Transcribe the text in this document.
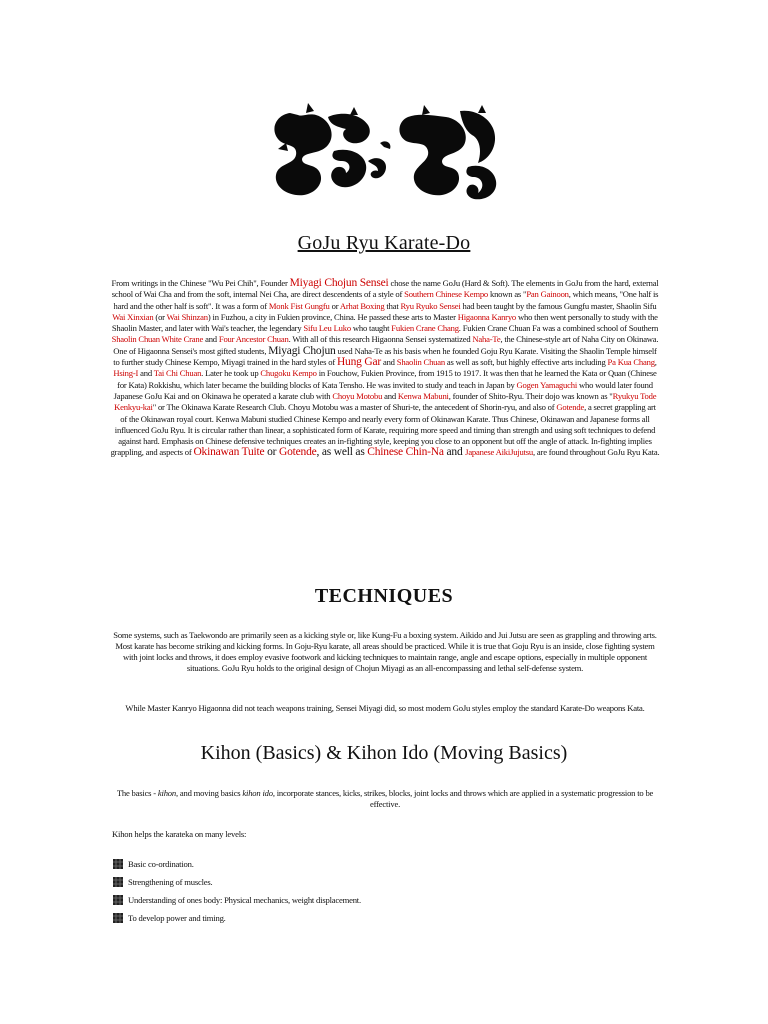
GoJu Ryu Karate-Do
From writings in the Chinese "Wu Pei Chih", Founder Miyagi Chojun Sensei chose the name GoJu (Hard & Soft). The elements in GoJu from the hard, external school of Wai Cha and from the soft, internal Nei Cha, are direct descendents of a style of Southern Chinese Kempo known as "Pan Gainoon, which means, "One half is hard and the other half is soft". It was a form of Monk Fist Gungfu or Arhat Boxing that Ryu Ryuko Sensei had been taught by the famous Gungfu master, Shaolin Sifu Wai Xinxian (or Wai Shinzan) in Fuzhou, a city in Fukien province, China. He passed these arts to Master Higaonna Kanryo who then went personally to study with the Shaolin Master, and later with Wai's teacher, the legendary Sifu Leu Luko who taught Fukien Crane Chang. Fukien Crane Chuan Fa was a combined school of Southern Shaolin Chuan White Crane and Four Ancestor Chuan. With all of this research Higaonna Sensei systematized Naha-Te, the Chinese-style art of Naha City on Okinawa. One of Higaonna Sensei's most gifted students, Miyagi Chojun used Naha-Te as his basis when he founded Goju Ryu Karate. Visiting the Shaolin Temple himself to further study Chinese Kempo, Miyagi trained in the hard styles of Hung Gar and Shaolin Chuan as well as soft, but highly effective arts including Pa Kua Chang, Hsing-I and Tai Chi Chuan. Later he took up Chugoku Kempo in Fouchow, Fukien Province, from 1915 to 1917. It was then that he learned the Kata or Quan (Chinese for Kata) Rokkishu, which later became the building blocks of Kata Tensho. He was invited to study and teach in Japan by Gogen Yamaguchi who would later found Japanese GoJu Kai and on Okinawa he operated a karate club with Choyu Motobu and Kenwa Mabuni, founder of Shito-Ryu. Their dojo was known as "Ryukyu Tode Kenkyu-kai" or The Okinawa Karate Research Club. Choyu Motobu was a master of Shuri-te, the antecedent of Shorin-ryu, and also of Gotende, a secret grappling art of the Okinawan royal court. Kenwa Mabuni studied Chinese Kempo and nearly every form of Okinawan Karate. Thus Chinese, Okinawan and Japanese forms all influenced GoJu Ryu. It is circular rather than linear, a sophisticated form of Karate, requiring more speed and timing than strength and using soft techniques to defend against hard. Emphasis on Chinese defensive techniques creates an in-fighting style, keeping you close to an opponent but off the angle of attack. In-fighting implies grappling, and aspects of Okinawan Tuite or Gotende, as well as Chinese Chin-Na and Japanese AikiJujutsu, are found throughout GoJu Ryu Kata.
TECHNIQUES
Some systems, such as Taekwondo are primarily seen as a kicking style or, like Kung-Fu a boxing system. Aikido and Jui Jutsu are seen as grappling and throwing arts. Most karate has become striking and kicking forms. In Goju-Ryu karate, all areas should be practiced. While it is true that Goju Ryu is an inside, close fighting system with joint locks and throws, it does employ evasive footwork and kicking techniques to maintain range, angle and escape options, especially in multiple opponent situations. GoJu Ryu holds to the original design of Chojun Miyagi as an all-encompassing and lethal self-defense system.
While Master Kanryo Higaonna did not teach weapons training, Sensei Miyagi did, so most modern GoJu styles employ the standard Karate-Do weapons Kata.
Kihon (Basics) & Kihon Ido (Moving Basics)
The basics - kihon, and moving basics kihon ido, incorporate stances, kicks, strikes, blocks, joint locks and throws which are applied in a systematic progression to be effective.
Kihon helps the karateka on many levels:
Basic co-ordination.
Strengthening of muscles.
Understanding of ones body: Physical mechanics, weight displacement.
To develop power and timing.
